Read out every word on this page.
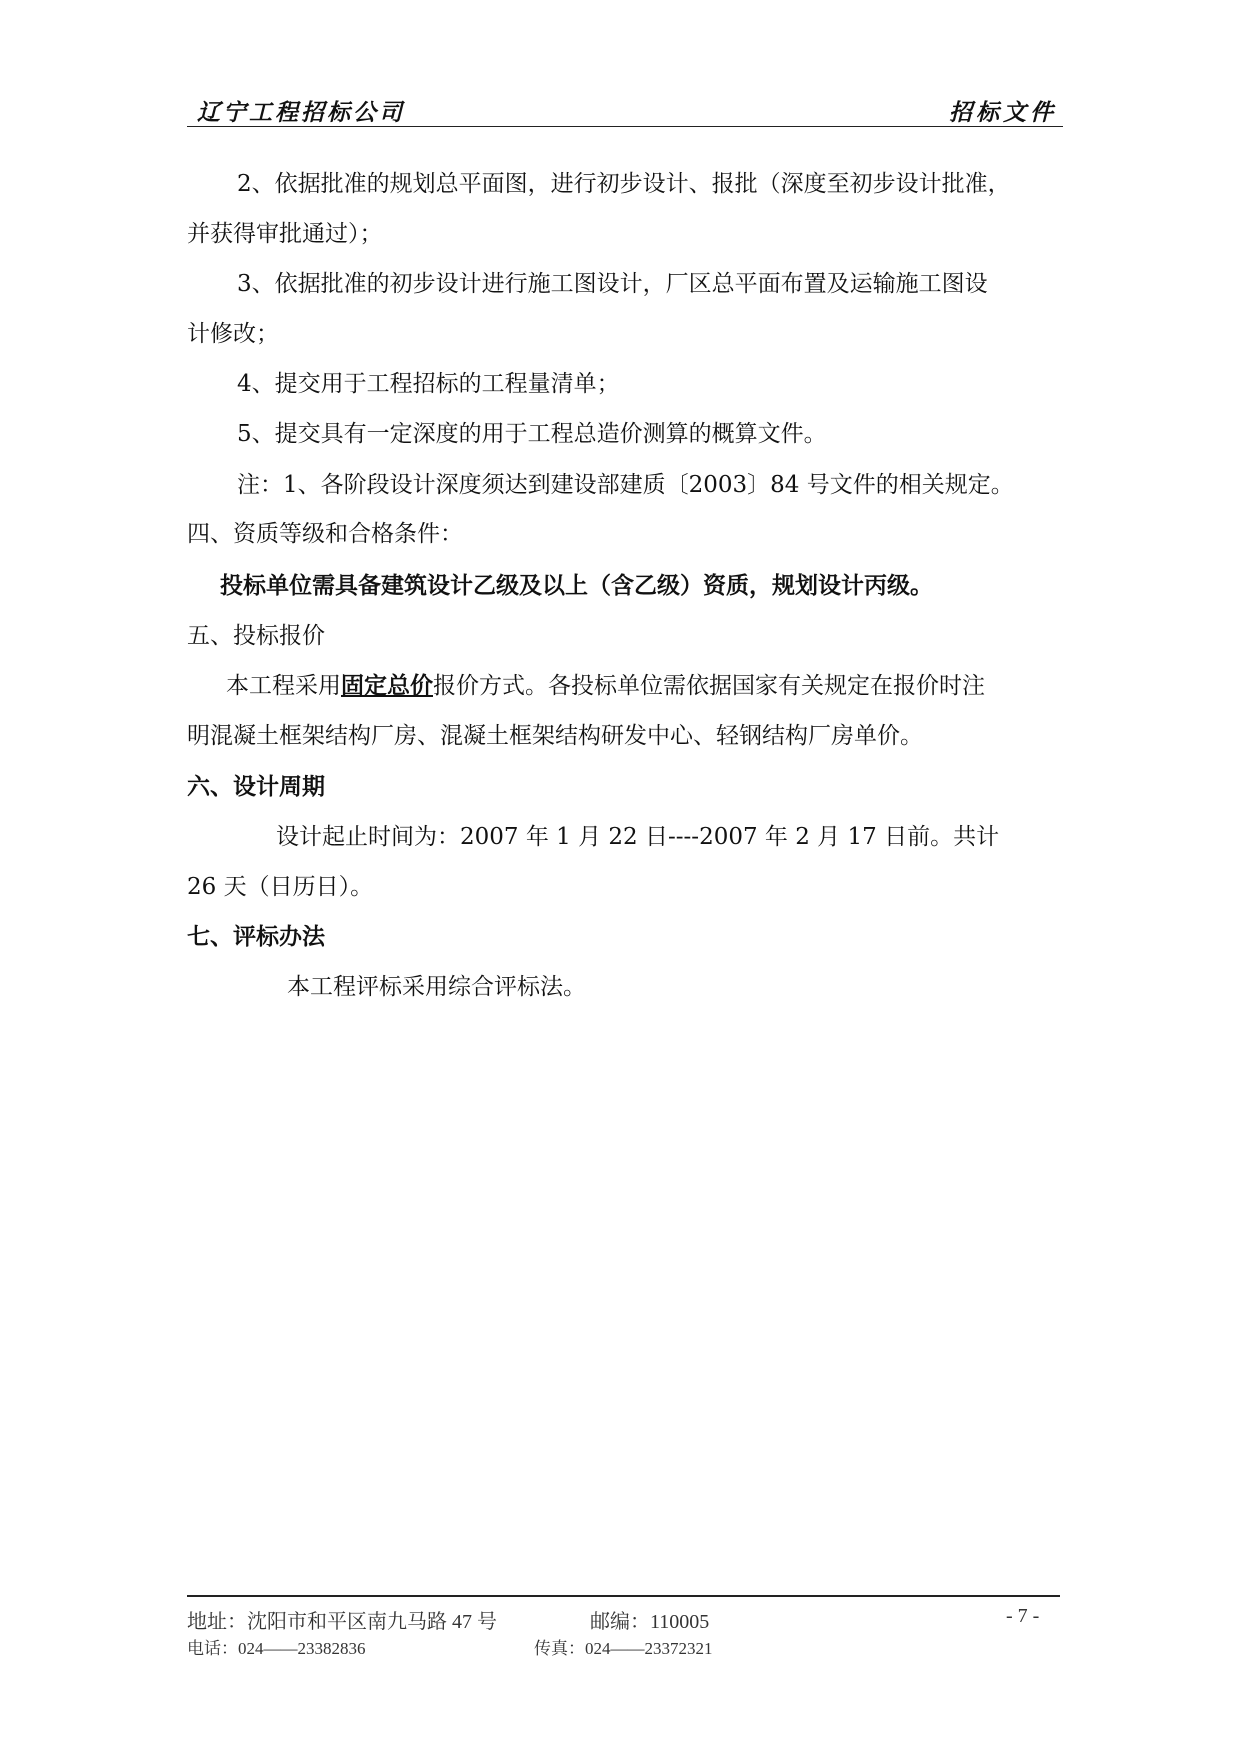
辽宁工程招标公司	招标文件
2、依据批准的规划总平面图，进行初步设计、报批（深度至初步设计批准，
并获得审批通过）；
3、依据批准的初步设计进行施工图设计，厂区总平面布置及运输施工图设
计修改；
4、提交用于工程招标的工程量清单；
5、提交具有一定深度的用于工程总造价测算的概算文件。
注：1、各阶段设计深度须达到建设部建质〔2003〕84 号文件的相关规定。
四、资质等级和合格条件：
投标单位需具备建筑设计乙级及以上（含乙级）资质，规划设计丙级。
五、投标报价
本工程采用固定总价报价方式。各投标单位需依据国家有关规定在报价时注
明混凝土框架结构厂房、混凝土框架结构研发中心、轻钢结构厂房单价。
六、设计周期
设计起止时间为：2007 年 1 月 22 日----2007 年 2 月 17 日前。共计
26 天（日历日）。
七、评标办法
本工程评标采用综合评标法。
地址：沈阳市和平区南九马路 47 号	邮编：110005	- 7 -
电话：024——23382836	传真：024——23372321
